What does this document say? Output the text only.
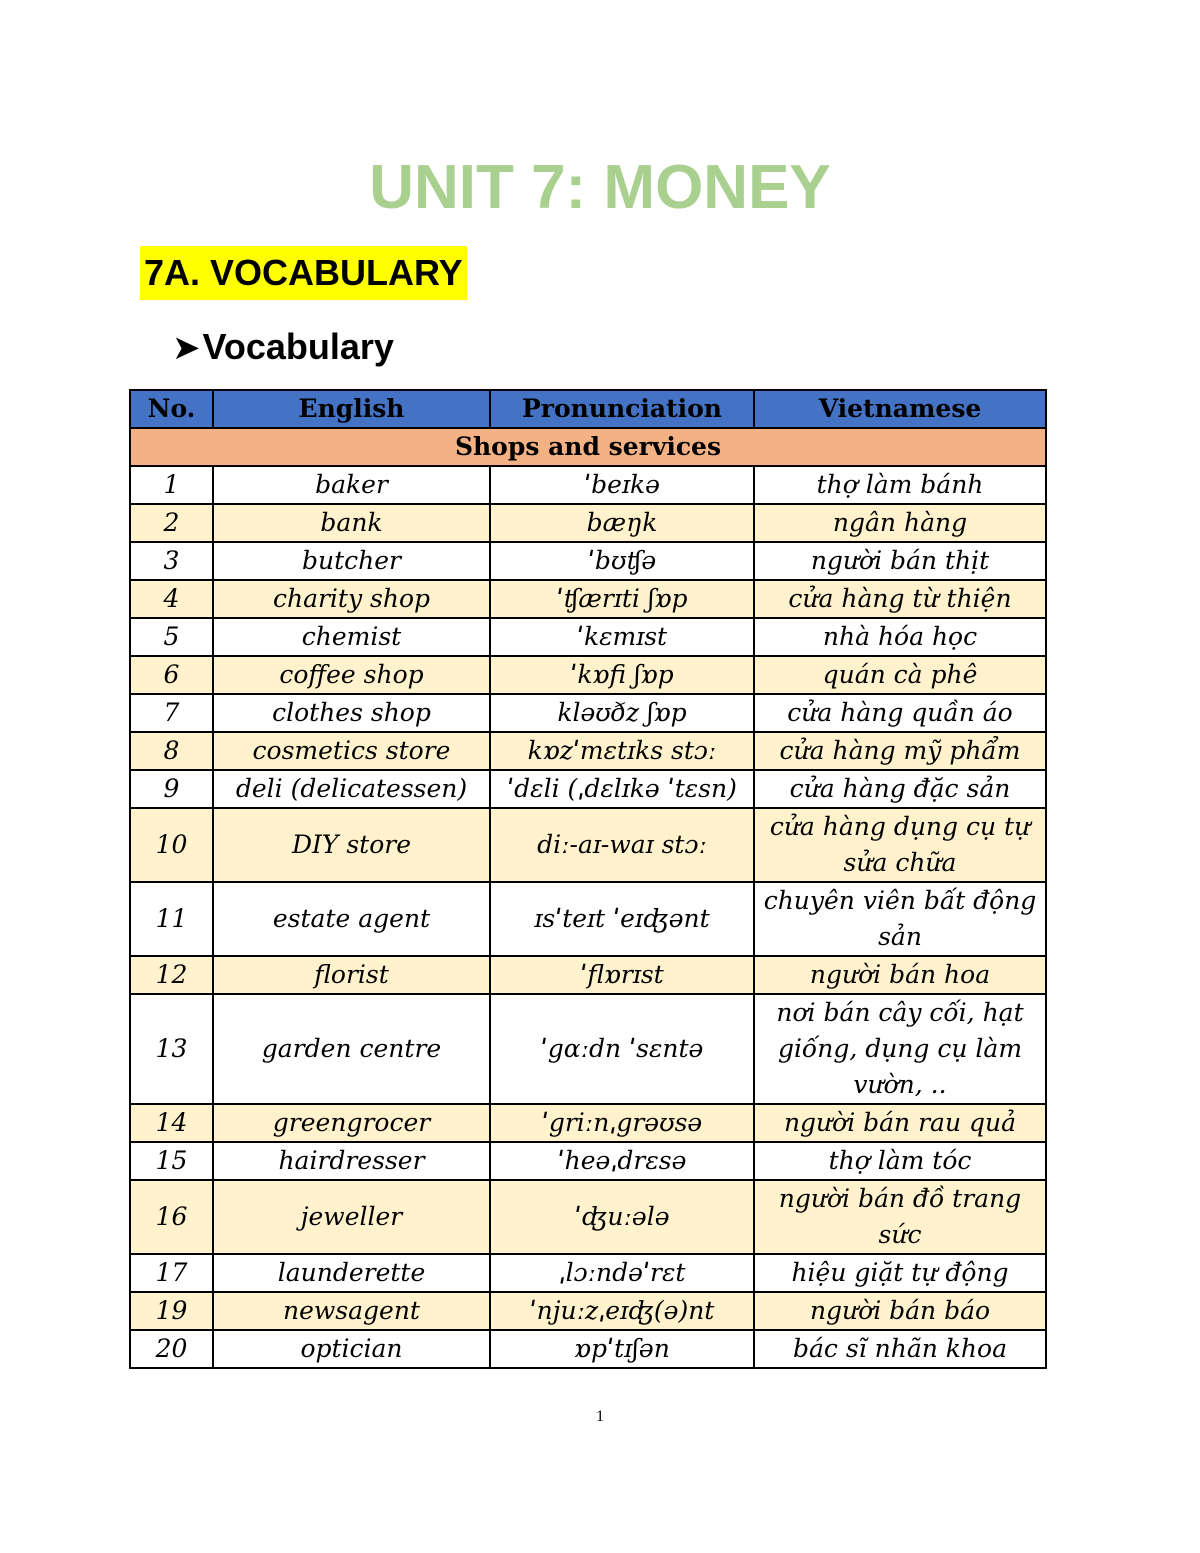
UNIT 7: MONEY
7A. VOCABULARY
➤Vocabulary
No.	English	Pronunciation	Vietnamese
Shops and services			
1	baker	ˈbeɪkə	thợ làm bánh
2	bank	bæŋk	ngân hàng
3	butcher	ˈbʊʧə	người bán thịt
4	charity shop	ˈʧærɪti ʃɒp	cửa hàng từ thiện
5	chemist	ˈkɛmɪst	nhà hóa học
6	coffee shop	ˈkɒfi ʃɒp	quán cà phê
7	clothes shop	kləʊðz ʃɒp	cửa hàng quần áo
8	cosmetics store	kɒzˈmɛtɪks stɔː	cửa hàng mỹ phẩm
9	deli (delicatessen)	ˈdɛli (ˌdɛlɪkə ˈtɛsn)	cửa hàng đặc sản
10	DIY store	diː-aɪ-waɪ stɔː	cửa hàng dụng cụ tự sửa chữa
11	estate agent	ɪsˈteɪt ˈeɪʤənt	chuyên viên bất động sản
12	florist	ˈflɒrɪst	người bán hoa
13	garden centre	ˈgɑːdn ˈsɛntə	nơi bán cây cối, hạt giống, dụng cụ làm vườn, ..
14	greengrocer	ˈgriːnˌgrəʊsə	người bán rau quả
15	hairdresser	ˈheəˌdrɛsə	thợ làm tóc
16	jeweller	ˈʤuːələ	người bán đồ trang sức
17	launderette	ˌlɔːndəˈrɛt	hiệu giặt tự động
19	newsagent	ˈnjuːzˌeɪʤ(ə)nt	người bán báo
20	optician	ɒpˈtɪʃən	bác sĩ nhãn khoa
1
